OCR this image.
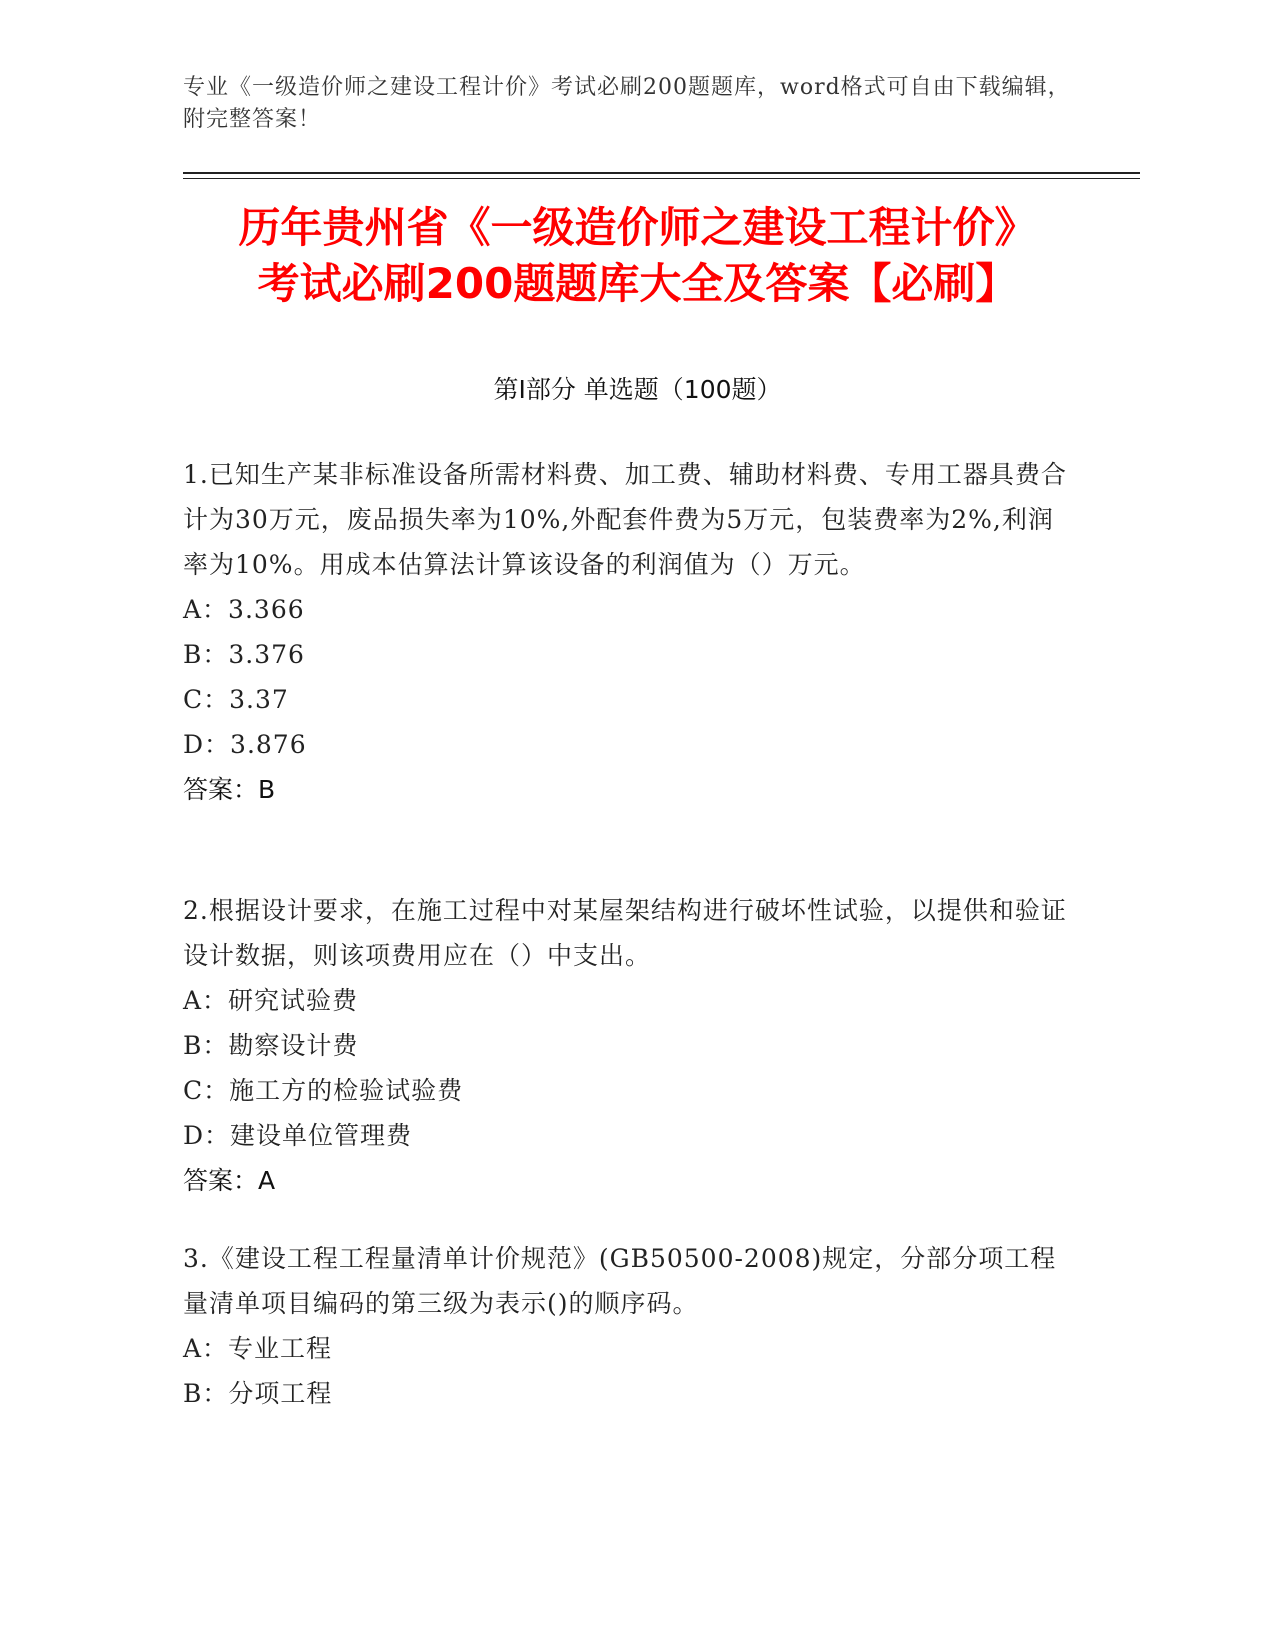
专业《一级造价师之建设工程计价》考试必刷200题题库，word格式可自由下载编辑，附完整答案！
历年贵州省《一级造价师之建设工程计价》
考试必刷200题题库大全及答案【必刷】
第I部分 单选题（100题）
1.已知生产某非标准设备所需材料费、加工费、辅助材料费、专用工器具费合计为30万元，废品损失率为10%,外配套件费为5万元，包装费率为2%,利润率为10%。用成本估算法计算该设备的利润值为（）万元。
A：3.366
B：3.376
C：3.37
D：3.876
答案：B
2.根据设计要求，在施工过程中对某屋架结构进行破坏性试验，以提供和验证设计数据，则该项费用应在（）中支出。
A：研究试验费
B：勘察设计费
C：施工方的检验试验费
D：建设单位管理费
答案：A
3.《建设工程工程量清单计价规范》(GB50500-2008)规定，分部分项工程量清单项目编码的第三级为表示()的顺序码。
A：专业工程
B：分项工程
